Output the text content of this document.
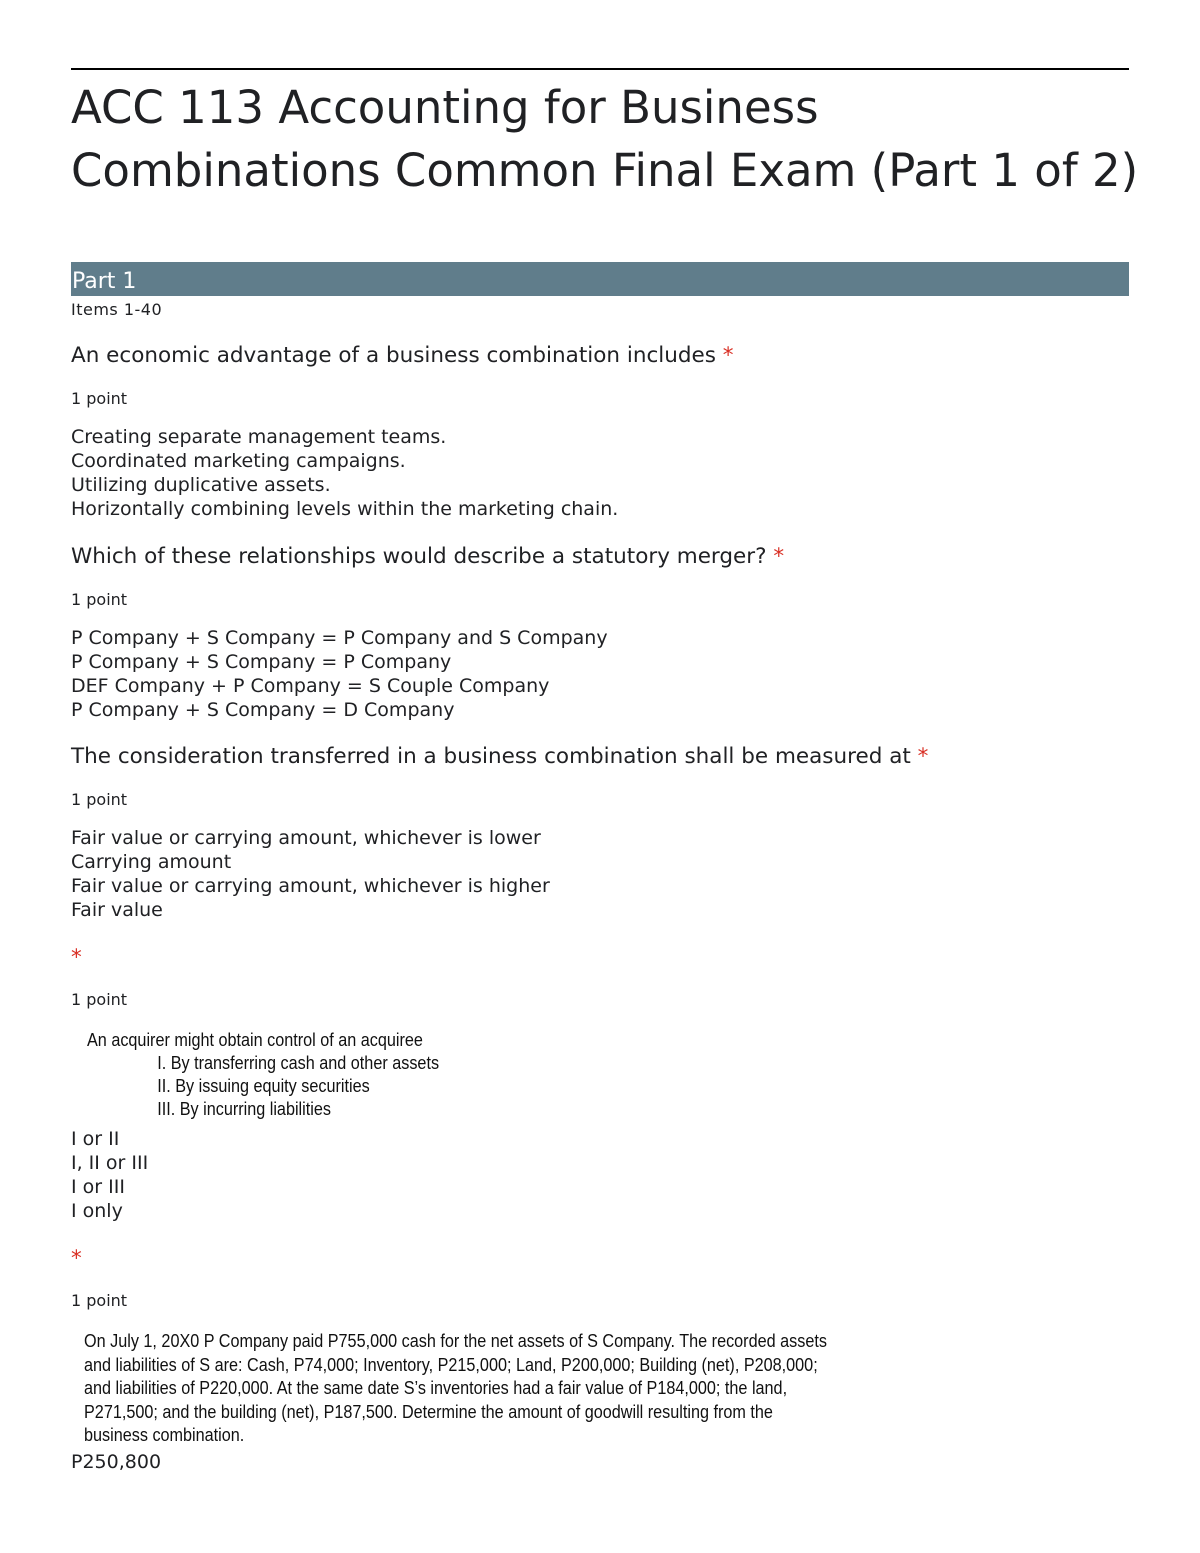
ACC 113 Accounting for Business Combinations Common Final Exam (Part 1 of 2)
Part 1
Items 1-40
An economic advantage of a business combination includes *
1 point
Creating separate management teams.
Coordinated marketing campaigns.
Utilizing duplicative assets.
Horizontally combining levels within the marketing chain.
Which of these relationships would describe a statutory merger? *
1 point
P Company + S Company = P Company and S Company
P Company + S Company = P Company
DEF Company + P Company = S Couple Company
P Company + S Company = D Company
The consideration transferred in a business combination shall be measured at *
1 point
Fair value or carrying amount, whichever is lower
Carrying amount
Fair value or carrying amount, whichever is higher
Fair value
*
1 point
An acquirer might obtain control of an acquiree
I. By transferring cash and other assets
II. By issuing equity securities
III. By incurring liabilities
I or II
I, II or III
I or III
I only
*
1 point
On July 1, 20X0 P Company paid P755,000 cash for the net assets of S Company. The recorded assets
and liabilities of S are: Cash, P74,000; Inventory, P215,000; Land, P200,000; Building (net), P208,000;
and liabilities of P220,000. At the same date S’s inventories had a fair value of P184,000; the land,
P271,500; and the building (net), P187,500. Determine the amount of goodwill resulting from the
business combination.
P250,800
